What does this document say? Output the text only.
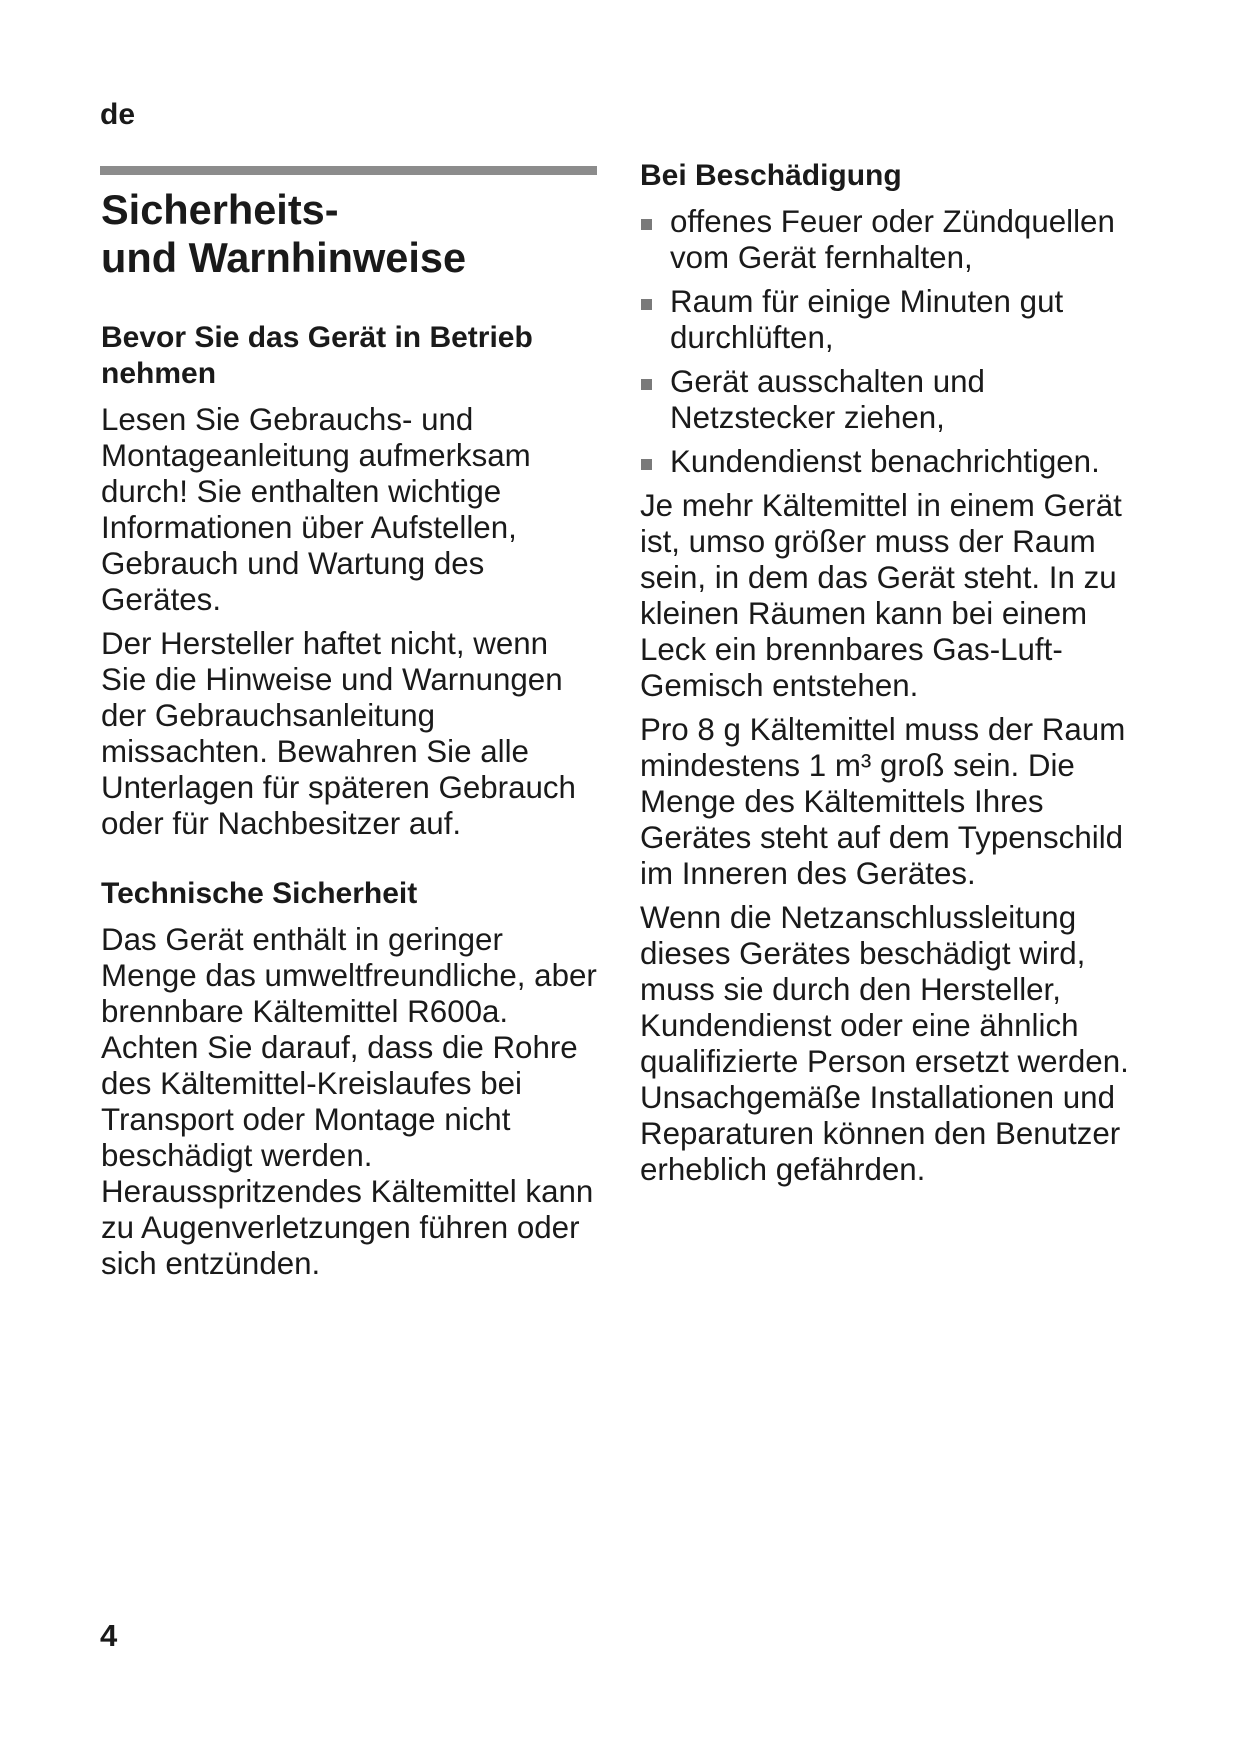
de
Sicherheits-
und Warnhinweise
Bevor Sie das Gerät in Betrieb nehmen

Lesen Sie Gebrauchs- und Montageanleitung aufmerksam durch! Sie enthalten wichtige Informationen über Aufstellen, Gebrauch und Wartung des Gerätes.

Der Hersteller haftet nicht, wenn Sie die Hinweise und Warnungen der Gebrauchsanleitung missachten. Bewahren Sie alle Unterlagen für späteren Gebrauch oder für Nachbesitzer auf.

Technische Sicherheit

Das Gerät enthält in geringer Menge das umweltfreundliche, aber brennbare Kältemittel R600a. Achten Sie darauf, dass die Rohre des Kältemittel-Kreislaufes bei Transport oder Montage nicht beschädigt werden. Herausspritzendes Kältemittel kann zu Augenverletzungen führen oder sich entzünden.

Bei Beschädigung
offenes Feuer oder Zündquellen vom Gerät fernhalten,
Raum für einige Minuten gut durchlüften,
Gerät ausschalten und Netzstecker ziehen,
Kundendienst benachrichtigen.

Je mehr Kältemittel in einem Gerät ist, umso größer muss der Raum sein, in dem das Gerät steht. In zu kleinen Räumen kann bei einem Leck ein brennbares Gas-Luft-Gemisch entstehen.

Pro 8 g Kältemittel muss der Raum mindestens 1 m³ groß sein. Die Menge des Kältemittels Ihres Gerätes steht auf dem Typenschild im Inneren des Gerätes.

Wenn die Netzanschlussleitung dieses Gerätes beschädigt wird, muss sie durch den Hersteller, Kundendienst oder eine ähnlich qualifizierte Person ersetzt werden. Unsachgemäße Installationen und Reparaturen können den Benutzer erheblich gefährden.

4
